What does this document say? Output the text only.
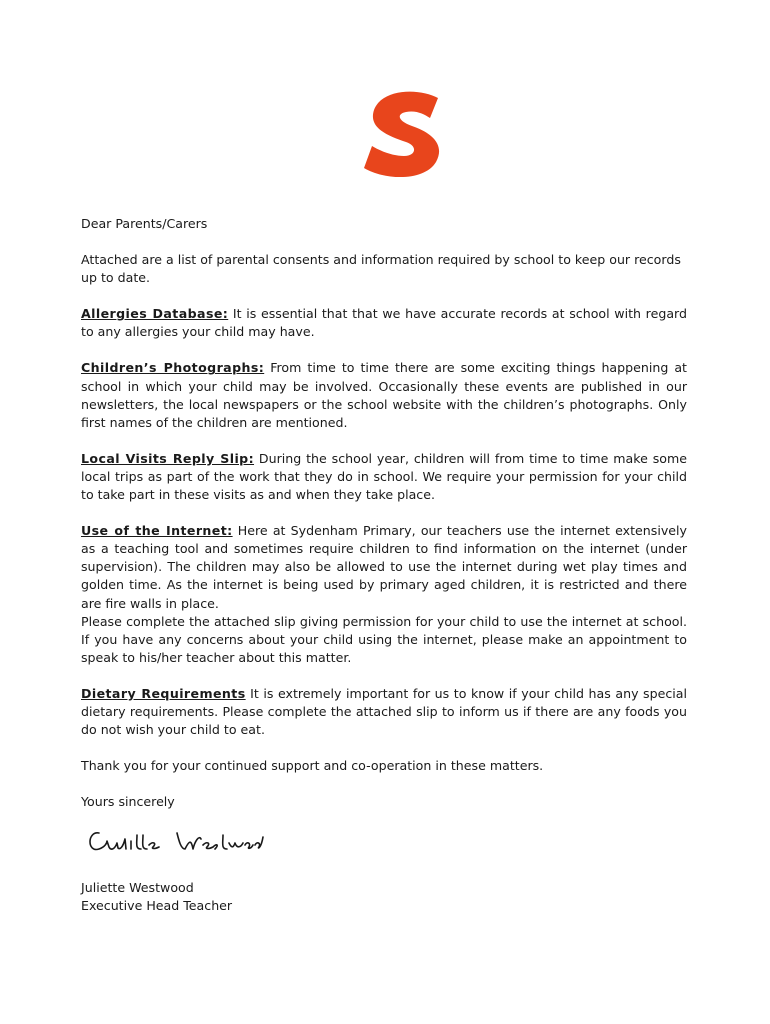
Dear Parents/Carers

Attached are a list of parental consents and information required by school to keep our records up to date.

Allergies Database: It is essential that that we have accurate records at school with regard to any allergies your child may have.

Children’s Photographs: From time to time there are some exciting things happening at school in which your child may be involved. Occasionally these events are published in our newsletters, the local newspapers or the school website with the children’s photographs. Only first names of the children are mentioned.

Local Visits Reply Slip: During the school year, children will from time to time make some local trips as part of the work that they do in school. We require your permission for your child to take part in these visits as and when they take place.

Use of the Internet: Here at Sydenham Primary, our teachers use the internet extensively as a teaching tool and sometimes require children to find information on the internet (under supervision). The children may also be allowed to use the internet during wet play times and golden time. As the internet is being used by primary aged children, it is restricted and there are fire walls in place.

Please complete the attached slip giving permission for your child to use the internet at school. If you have any concerns about your child using the internet, please make an appointment to speak to his/her teacher about this matter.

Dietary Requirements It is extremely important for us to know if your child has any special dietary requirements. Please complete the attached slip to inform us if there are any foods you do not wish your child to eat.

Thank you for your continued support and co-operation in these matters.

Yours sincerely

Juliette Westwood

Executive Head Teacher
